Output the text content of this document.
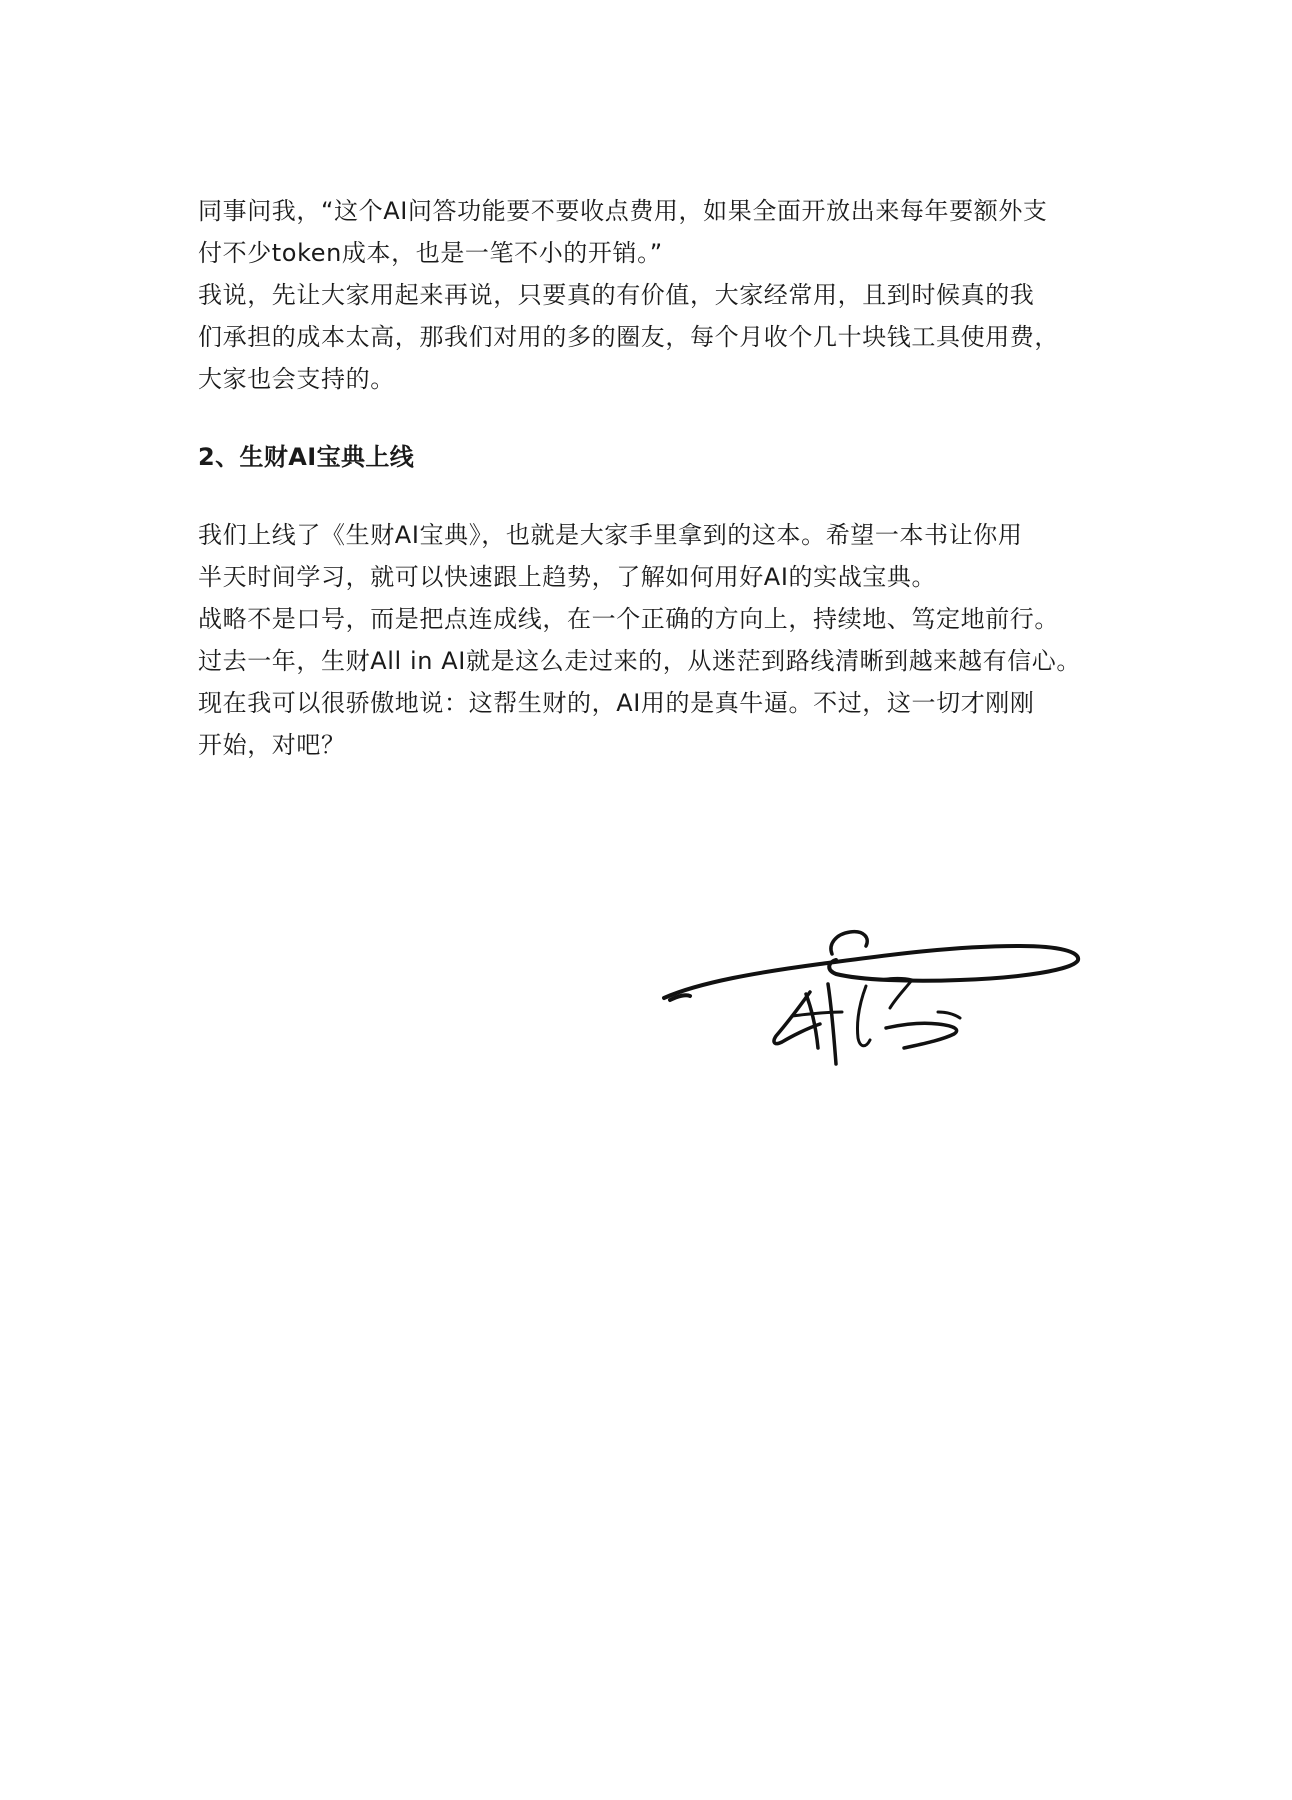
同事问我，“这个AI问答功能要不要收点费用，如果全面开放出来每年要额外支
付不少token成本，也是一笔不小的开销。”

我说，先让大家用起来再说，只要真的有价值，大家经常用，且到时候真的我
们承担的成本太高，那我们对用的多的圈友，每个月收个几十块钱工具使用费，
大家也会支持的。

2、生财AI宝典上线

我们上线了《生财AI宝典》，也就是大家手里拿到的这本。希望一本书让你用
半天时间学习，就可以快速跟上趋势，了解如何用好AI的实战宝典。

战略不是口号，而是把点连成线，在一个正确的方向上，持续地、笃定地前行。

过去一年，生财All in AI就是这么走过来的，从迷茫到路线清晰到越来越有信心。

现在我可以很骄傲地说：这帮生财的，AI用的是真牛逼。不过，这一切才刚刚
开始，对吧？
